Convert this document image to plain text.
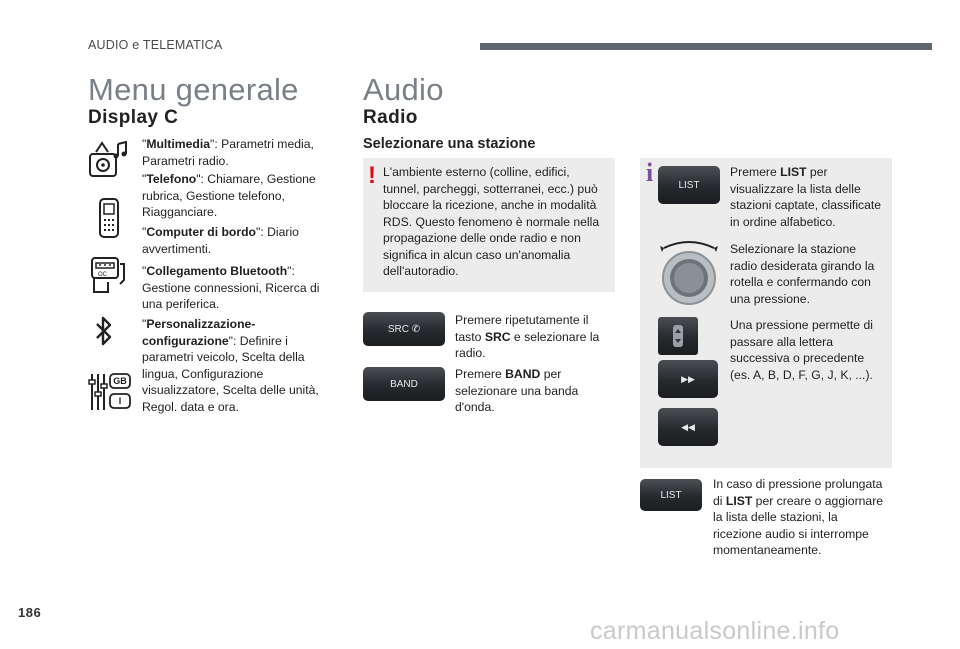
AUDIO e TELEMATICA
Menu generale
Display C
"Multimedia": Parametri media, Parametri radio.
"Telefono": Chiamare, Gestione rubrica, Gestione telefono, Riagganciare.
"Computer di bordo": Diario avvertimenti.
OC	"Collegamento Bluetooth": Gestione connessioni, Ricerca di una periferica.
"Personalizzazione-configurazione": Definire i parametri veicolo, Scelta della lingua, Configurazione visualizzatore, Scelta delle unità, Regol. data e ora.
GB
I
Audio
Radio
Selezionare una stazione
! L'ambiente esterno (colline, edifici, tunnel, parcheggi, sotterranei, ecc.) può bloccare la ricezione, anche in modalità RDS. Questo fenomeno è normale nella propagazione delle onde radio e non significa in alcun caso un'anomalia dell'autoradio.
SRC ✆
Premere ripetutamente il tasto SRC e selezionare la radio.
BAND
Premere BAND per selezionare una banda d'onda.
i	LIST
Premere LIST per visualizzare la lista delle stazioni captate, classificate in ordine alfabetico.
Selezionare la stazione radio desiderata girando la rotella e confermando con una pressione.
Una pressione permette di passare alla lettera successiva o precedente (es. A, B, D, F, G, J, K, ...).
▶▶
◀◀
LIST
In caso di pressione prolungata di LIST per creare o aggiornare la lista delle stazioni, la ricezione audio si interrompe momentaneamente.
186
carmanualsonline.info
